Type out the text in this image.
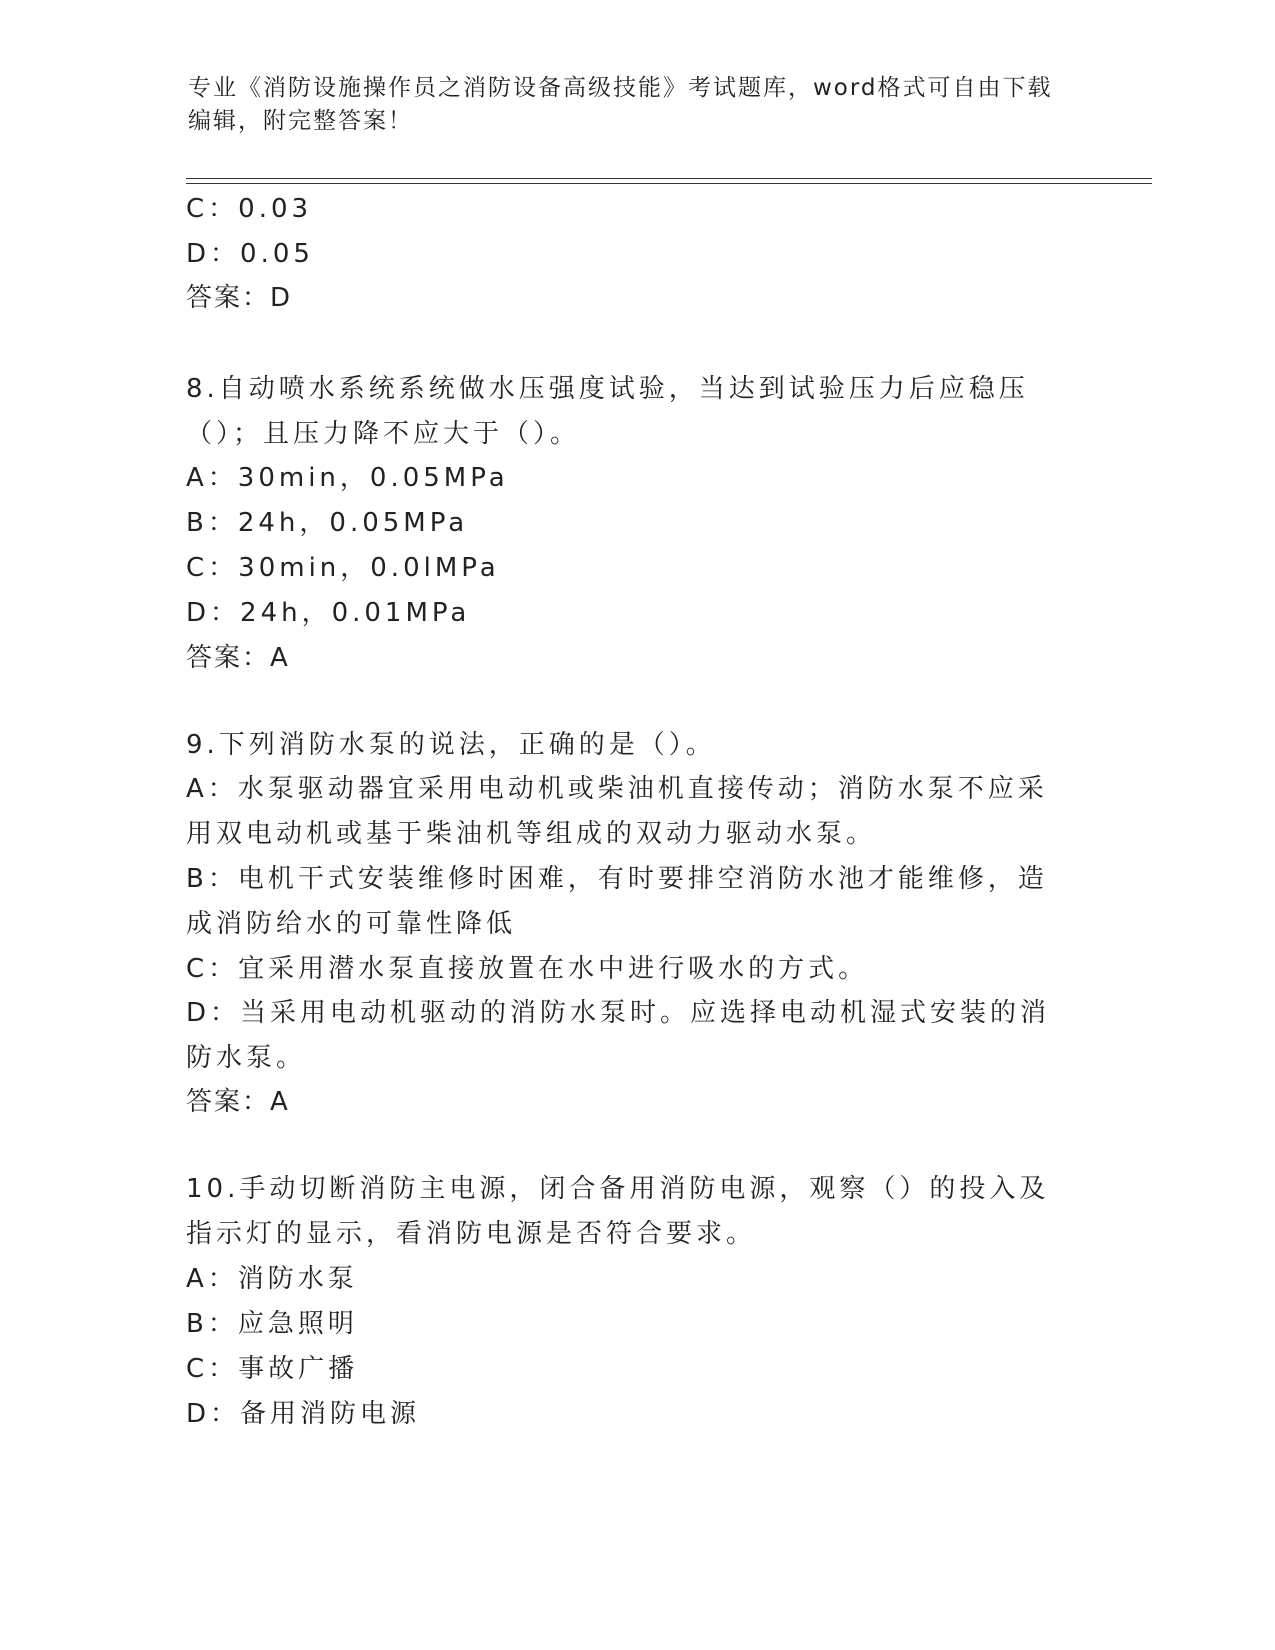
专业《消防设施操作员之消防设备高级技能》考试题库，word格式可自由下载编辑，附完整答案！
C：0.03
D：0.05
答案：D
8.自动喷水系统系统做水压强度试验，当达到试验压力后应稳压（）；且压力降不应大于（）。
A：30min，0.05MPa
B：24h，0.05MPa
C：30min，0.0lMPa
D：24h，0.01MPa
答案：A
9.下列消防水泵的说法，正确的是（）。
A：水泵驱动器宜采用电动机或柴油机直接传动；消防水泵不应采用双电动机或基于柴油机等组成的双动力驱动水泵。
B：电机干式安装维修时困难，有时要排空消防水池才能维修，造成消防给水的可靠性降低
C：宜采用潜水泵直接放置在水中进行吸水的方式。
D：当采用电动机驱动的消防水泵时。应选择电动机湿式安装的消防水泵。
答案：A
10.手动切断消防主电源，闭合备用消防电源，观察（）的投入及指示灯的显示，看消防电源是否符合要求。
A：消防水泵
B：应急照明
C：事故广播
D：备用消防电源
